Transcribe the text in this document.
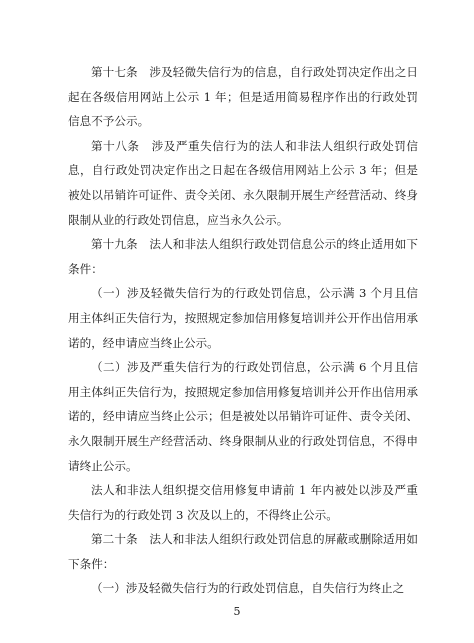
第十七条　涉及轻微失信行为的信息，自行政处罚决定作出之日起在各级信用网站上公示 1 年；但是适用简易程序作出的行政处罚信息不予公示。

第十八条　涉及严重失信行为的法人和非法人组织行政处罚信息，自行政处罚决定作出之日起在各级信用网站上公示 3 年；但是被处以吊销许可证件、责令关闭、永久限制开展生产经营活动、终身限制从业的行政处罚信息，应当永久公示。

第十九条　法人和非法人组织行政处罚信息公示的终止适用如下条件：

（一）涉及轻微失信行为的行政处罚信息，公示满 3 个月且信用主体纠正失信行为，按照规定参加信用修复培训并公开作出信用承诺的，经申请应当终止公示。

（二）涉及严重失信行为的行政处罚信息，公示满 6 个月且信用主体纠正失信行为，按照规定参加信用修复培训并公开作出信用承诺的，经申请应当终止公示；但是被处以吊销许可证件、责令关闭、永久限制开展生产经营活动、终身限制从业的行政处罚信息，不得申请终止公示。

法人和非法人组织提交信用修复申请前 1 年内被处以涉及严重失信行为的行政处罚 3 次及以上的，不得终止公示。

第二十条　法人和非法人组织行政处罚信息的屏蔽或删除适用如下条件：

（一）涉及轻微失信行为的行政处罚信息，自失信行为终止之

5
